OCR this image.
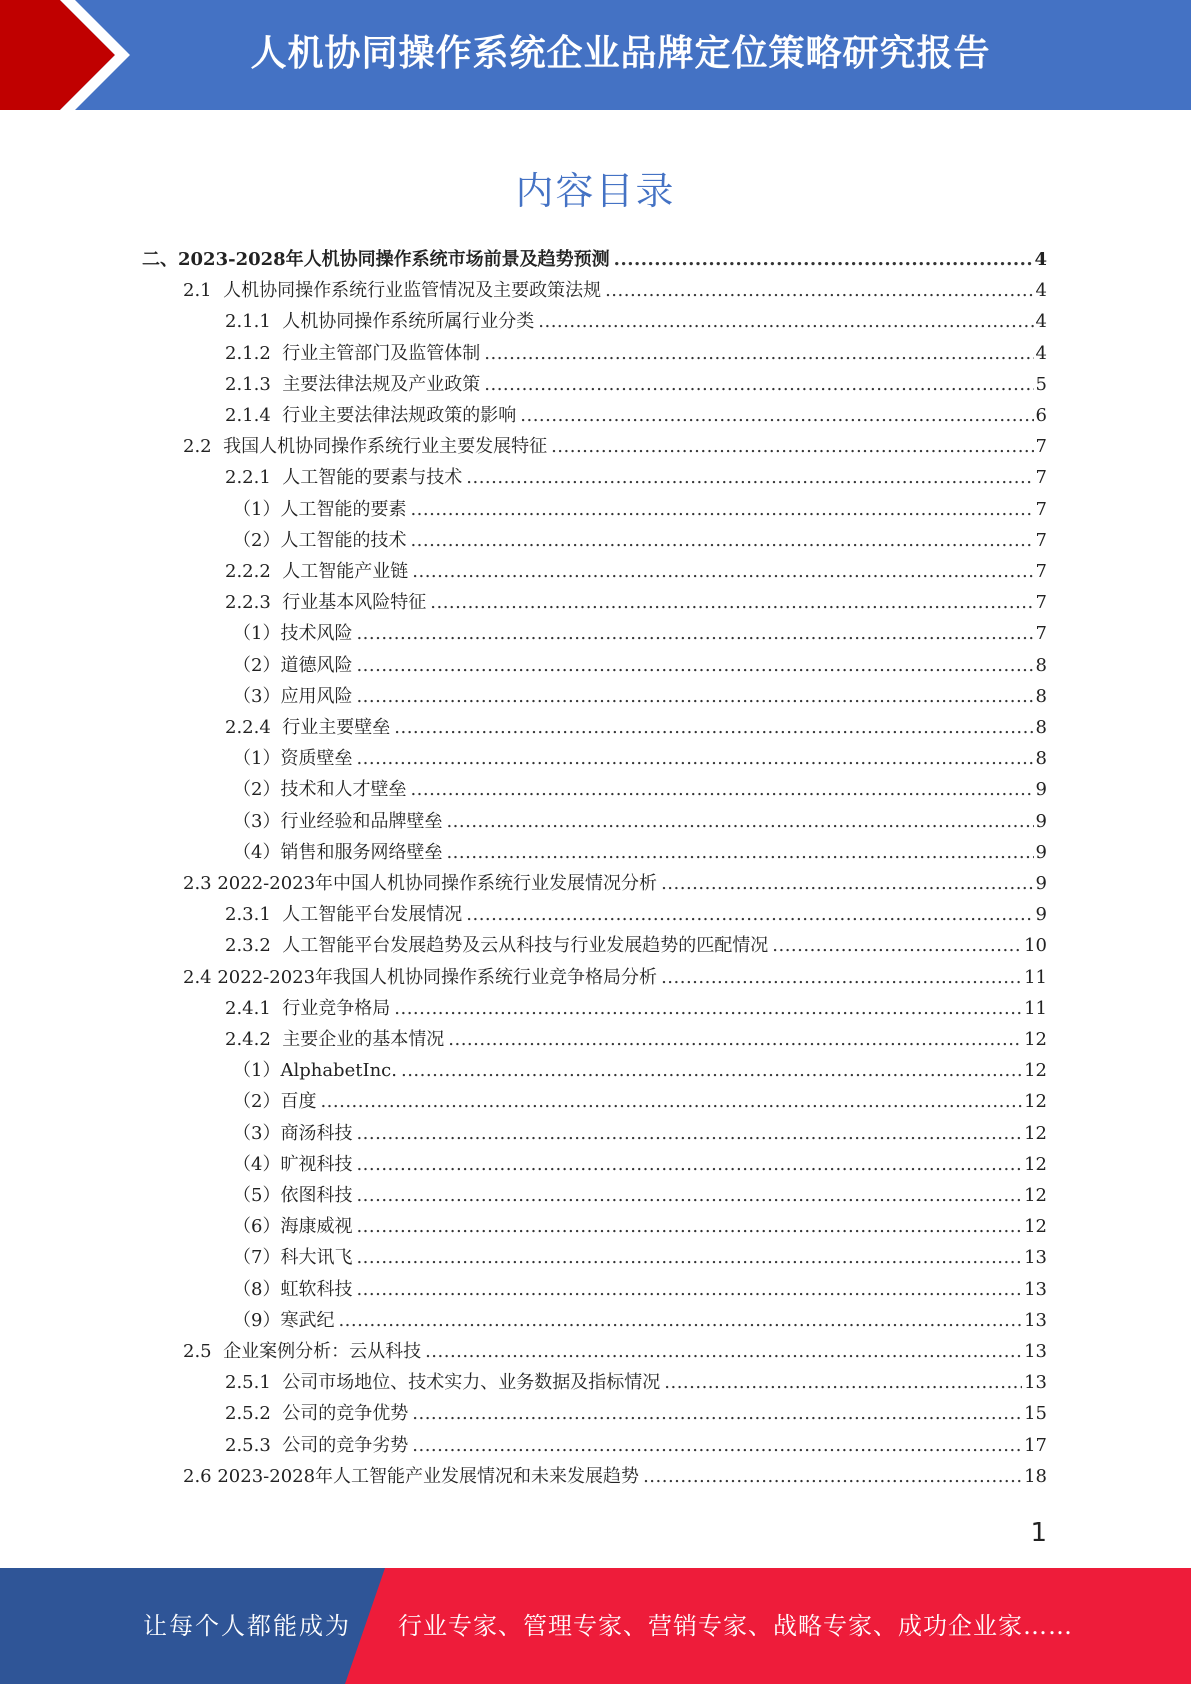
人机协同操作系统企业品牌定位策略研究报告
内容目录
二、 2023-2028年人机协同操作系统市场前景及趋势预测 .....	4
2.1 人机协同操作系统行业监管情况及主要政策法规 .....	4
2.1.1 人机协同操作系统所属行业分类 .....	4
2.1.2 行业主管部门及监管体制 .....	4
2.1.3 主要法律法规及产业政策 .....	5
2.1.4 行业主要法律法规政策的影响 .....	6
2.2 我国人机协同操作系统行业主要发展特征 .....	7
2.2.1 人工智能的要素与技术 .....	7
（1） 人工智能的要素 .....	7
（2） 人工智能的技术 .....	7
2.2.2 人工智能产业链 .....	7
2.2.3 行业基本风险特征 .....	7
（1） 技术风险 .....	7
（2） 道德风险 .....	8
（3） 应用风险 .....	8
2.2.4 行业主要壁垒 .....	8
（1） 资质壁垒 .....	8
（2） 技术和人才壁垒 .....	9
（3） 行业经验和品牌壁垒 .....	9
（4） 销售和服务网络壁垒 .....	9
2.3 2022-2023年中国人机协同操作系统行业发展情况分析 .....	9
2.3.1 人工智能平台发展情况 .....	9
2.3.2 人工智能平台发展趋势及云从科技与行业发展趋势的匹配情况 .....	10
2.4 2022-2023年我国人机协同操作系统行业竞争格局分析 .....	11
2.4.1 行业竞争格局 .....	11
2.4.2 主要企业的基本情况 .....	12
（1） AlphabetInc. .....	12
（2） 百度 .....	12
（3） 商汤科技 .....	12
（4） 旷视科技 .....	12
（5） 依图科技 .....	12
（6） 海康威视 .....	12
（7） 科大讯飞 .....	13
（8） 虹软科技 .....	13
（9） 寒武纪 .....	13
2.5 企业案例分析：云从科技 .....	13
2.5.1 公司市场地位、技术实力、业务数据及指标情况 .....	13
2.5.2 公司的竞争优势 .....	15
2.5.3 公司的竞争劣势 .....	17
2.6 2023-2028年人工智能产业发展情况和未来发展趋势 .....	18
1
让每个人都能成为 行业专家、管理专家、营销专家、战略专家、成功企业家……
